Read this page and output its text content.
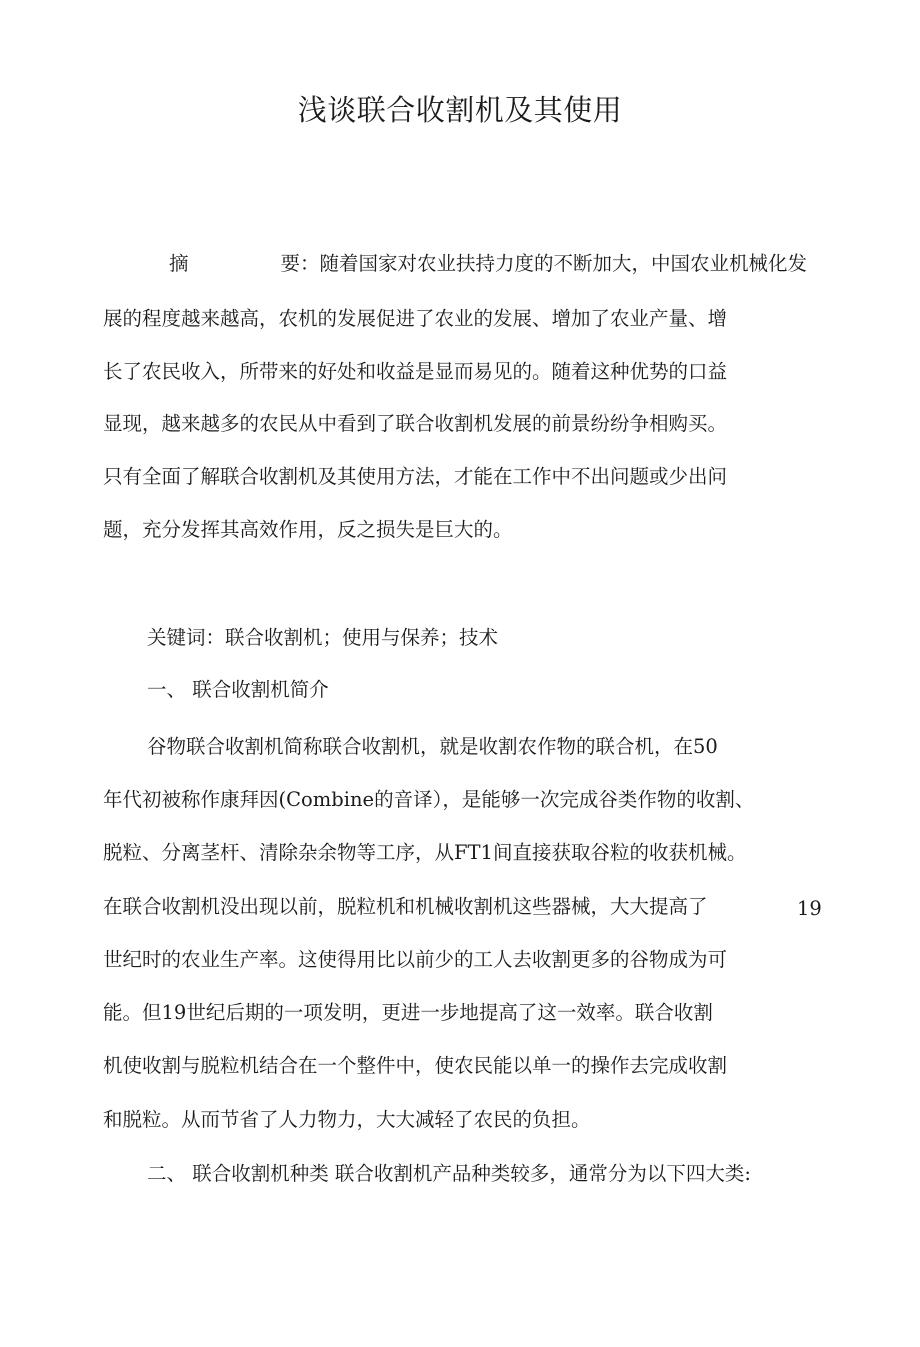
浅谈联合收割机及其使用
摘	要：随着国家对农业扶持力度的不断加大，中国农业机械化发
展的程度越来越高，农机的发展促进了农业的发展、增加了农业产量、增
长了农民收入，所带来的好处和收益是显而易见的。随着这种优势的口益
显现，越来越多的农民从中看到了联合收割机发展的前景纷纷争相购买。
只有全面了解联合收割机及其使用方法，才能在工作中不出问题或少出问
题，充分发挥其高效作用，反之损失是巨大的。
关键词：联合收割机；使用与保养；技术
一、 联合收割机简介
谷物联合收割机简称联合收割机，就是收割农作物的联合机，在50
年代初被称作康拜因(Combine的音译），是能够一次完成谷类作物的收割、
脱粒、分离茎杆、清除杂余物等工序，从FT1间直接获取谷粒的收获机械。
在联合收割机没出现以前，脱粒机和机械收割机这些器械，大大提高了	19
世纪时的农业生产率。这使得用比以前少的工人去收割更多的谷物成为可
能。但19世纪后期的一项发明，更进一步地提高了这一效率。联合收割
机使收割与脱粒机结合在一个整件中，使农民能以单一的操作去完成收割
和脱粒。从而节省了人力物力，大大减轻了农民的负担。
二、 联合收割机种类 联合收割机产品种类较多，通常分为以下四大类:
